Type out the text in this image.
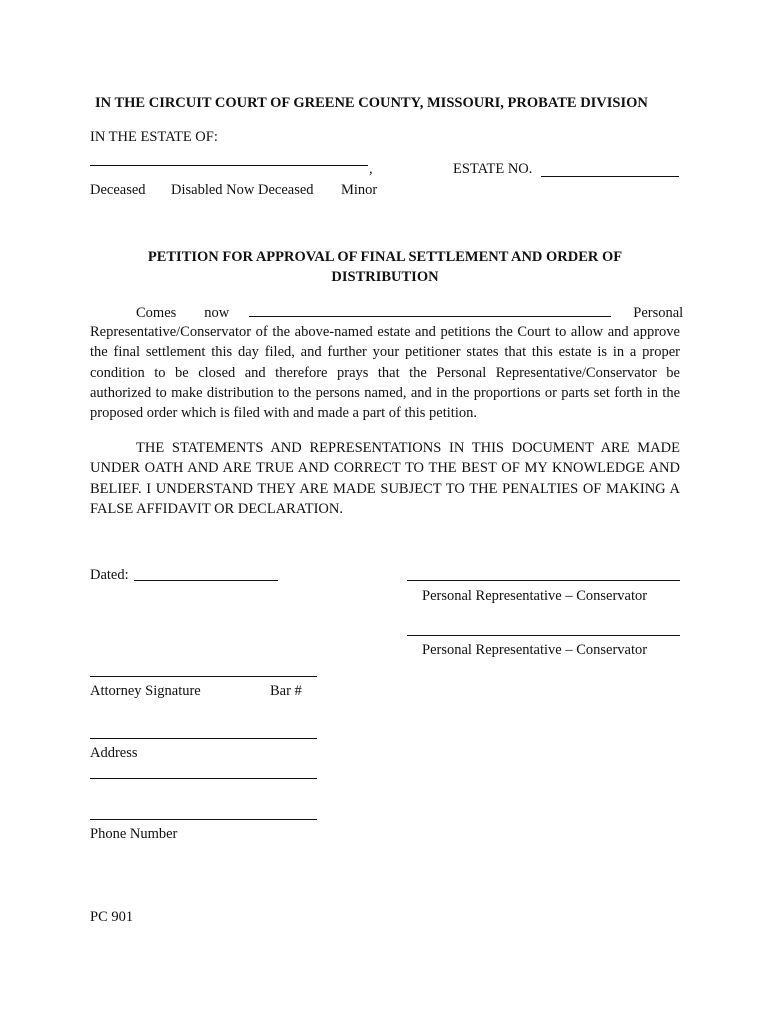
IN THE CIRCUIT COURT OF GREENE COUNTY, MISSOURI, PROBATE DIVISION
IN THE ESTATE OF:
,	ESTATE NO.
Deceased Disabled Now Deceased Minor
PETITION FOR APPROVAL OF FINAL SETTLEMENT AND ORDER OF
DISTRIBUTION
Comes now	Personal
Representative/Conservator of the above-named estate and petitions the Court to allow and approve the final settlement this day filed, and further your petitioner states that this estate is in a proper condition to be closed and therefore prays that the Personal Representative/Conservator be authorized to make distribution to the persons named, and in the proportions or parts set forth in the proposed order which is filed with and made a part of this petition.
THE STATEMENTS AND REPRESENTATIONS IN THIS DOCUMENT ARE MADE UNDER OATH AND ARE TRUE AND CORRECT TO THE BEST OF MY KNOWLEDGE AND BELIEF. I UNDERSTAND THEY ARE MADE SUBJECT TO THE PENALTIES OF MAKING A FALSE AFFIDAVIT OR DECLARATION.
Dated:
Personal Representative – Conservator
Personal Representative – Conservator
Attorney Signature	Bar #
Address
Phone Number
PC 901
